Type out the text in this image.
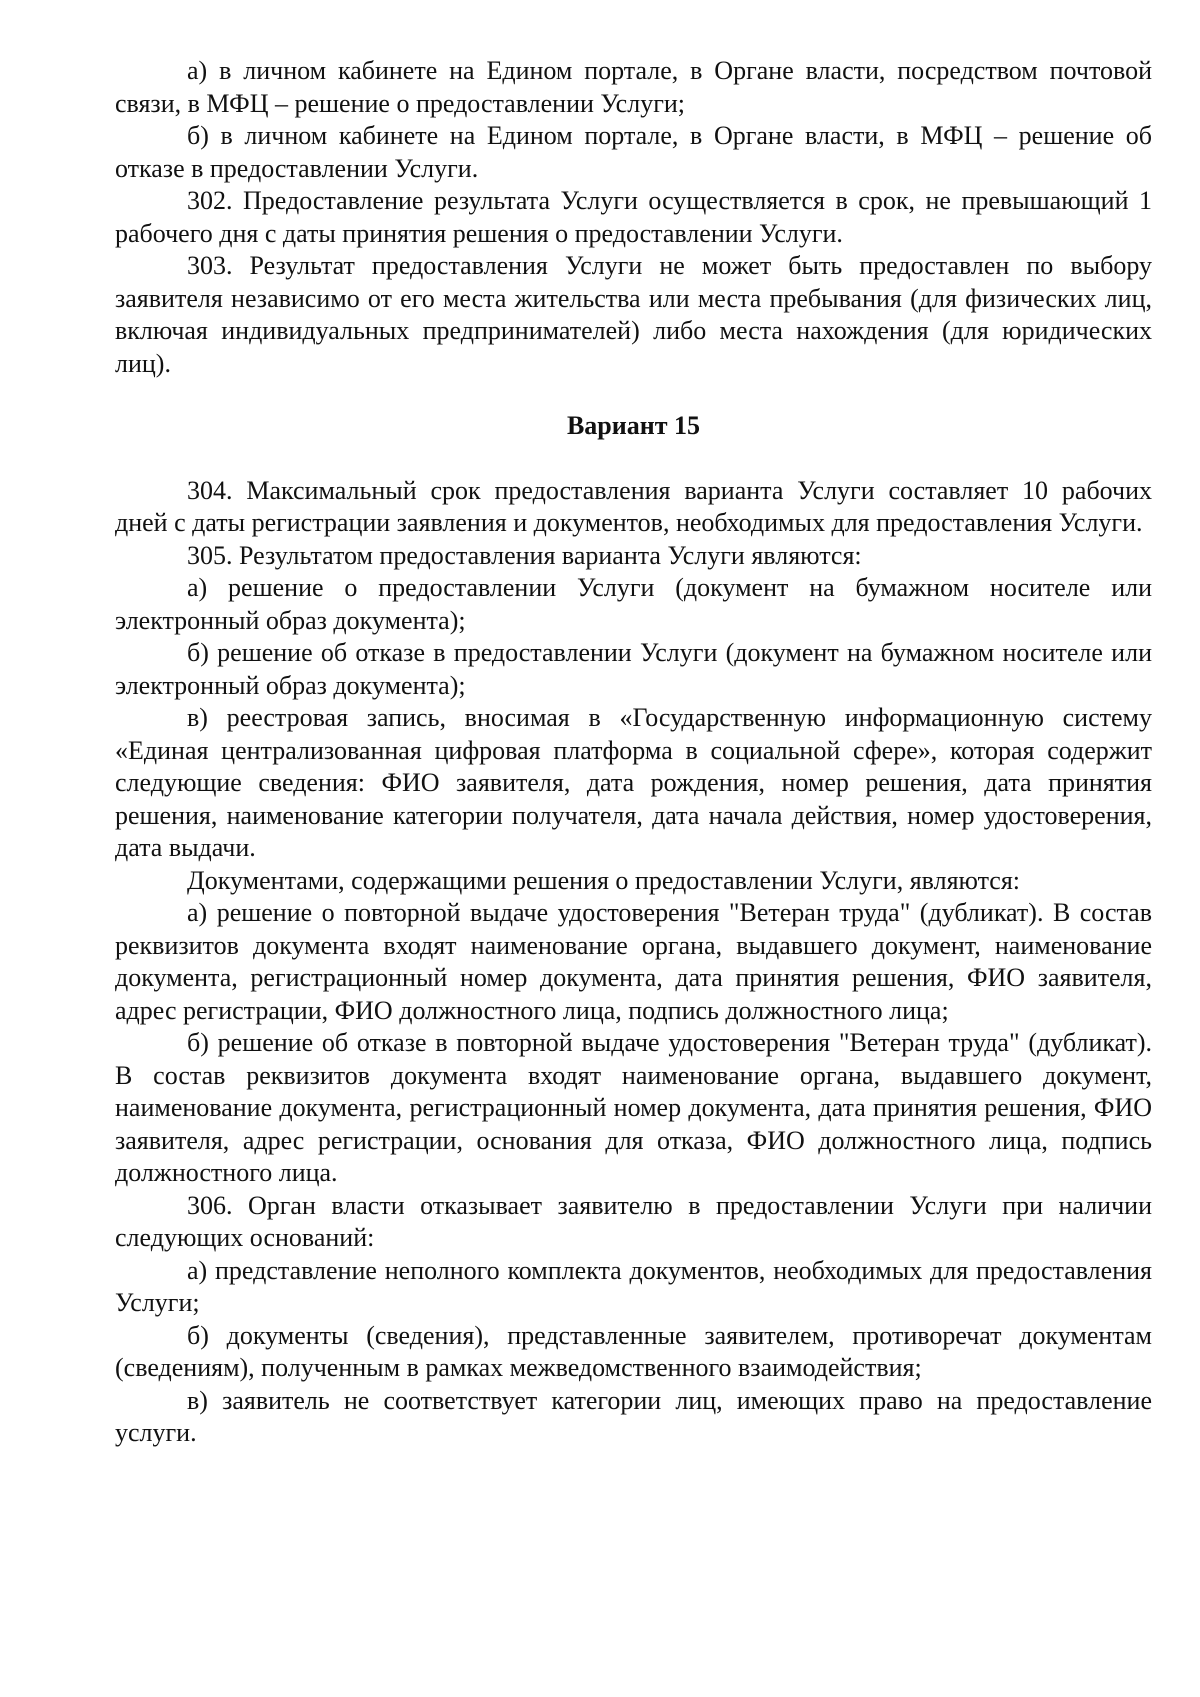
а) в личном кабинете на Едином портале, в Органе власти, посредством почтовой связи, в МФЦ – решение о предоставлении Услуги;

б) в личном кабинете на Едином портале, в Органе власти, в МФЦ – решение об отказе в предоставлении Услуги.

302. Предоставление результата Услуги осуществляется в срок, не превышающий 1 рабочего дня с даты принятия решения о предоставлении Услуги.

303. Результат предоставления Услуги не может быть предоставлен по выбору заявителя независимо от его места жительства или места пребывания (для физических лиц, включая индивидуальных предпринимателей) либо места нахождения (для юридических лиц).

Вариант 15

304. Максимальный срок предоставления варианта Услуги составляет 10 рабочих дней с даты регистрации заявления и документов, необходимых для предоставления Услуги.

305. Результатом предоставления варианта Услуги являются:

а) решение о предоставлении Услуги (документ на бумажном носителе или электронный образ документа);

б) решение об отказе в предоставлении Услуги (документ на бумажном носителе или электронный образ документа);

в) реестровая запись, вносимая в «Государственную информационную систему «Единая централизованная цифровая платформа в социальной сфере», которая содержит следующие сведения: ФИО заявителя, дата рождения, номер решения, дата принятия решения, наименование категории получателя, дата начала действия, номер удостоверения, дата выдачи.

Документами, содержащими решения о предоставлении Услуги, являются:

а) решение о повторной выдаче удостоверения "Ветеран труда" (дубликат). В состав реквизитов документа входят наименование органа, выдавшего документ, наименование документа, регистрационный номер документа, дата принятия решения, ФИО заявителя, адрес регистрации, ФИО должностного лица, подпись должностного лица;

б) решение об отказе в повторной выдаче удостоверения "Ветеран труда" (дубликат). В состав реквизитов документа входят наименование органа, выдавшего документ, наименование документа, регистрационный номер документа, дата принятия решения, ФИО заявителя, адрес регистрации, основания для отказа, ФИО должностного лица, подпись должностного лица.

306. Орган власти отказывает заявителю в предоставлении Услуги при наличии следующих оснований:

а) представление неполного комплекта документов, необходимых для предоставления Услуги;

б) документы (сведения), представленные заявителем, противоречат документам (сведениям), полученным в рамках межведомственного взаимодействия;

в) заявитель не соответствует категории лиц, имеющих право на предоставление услуги.
